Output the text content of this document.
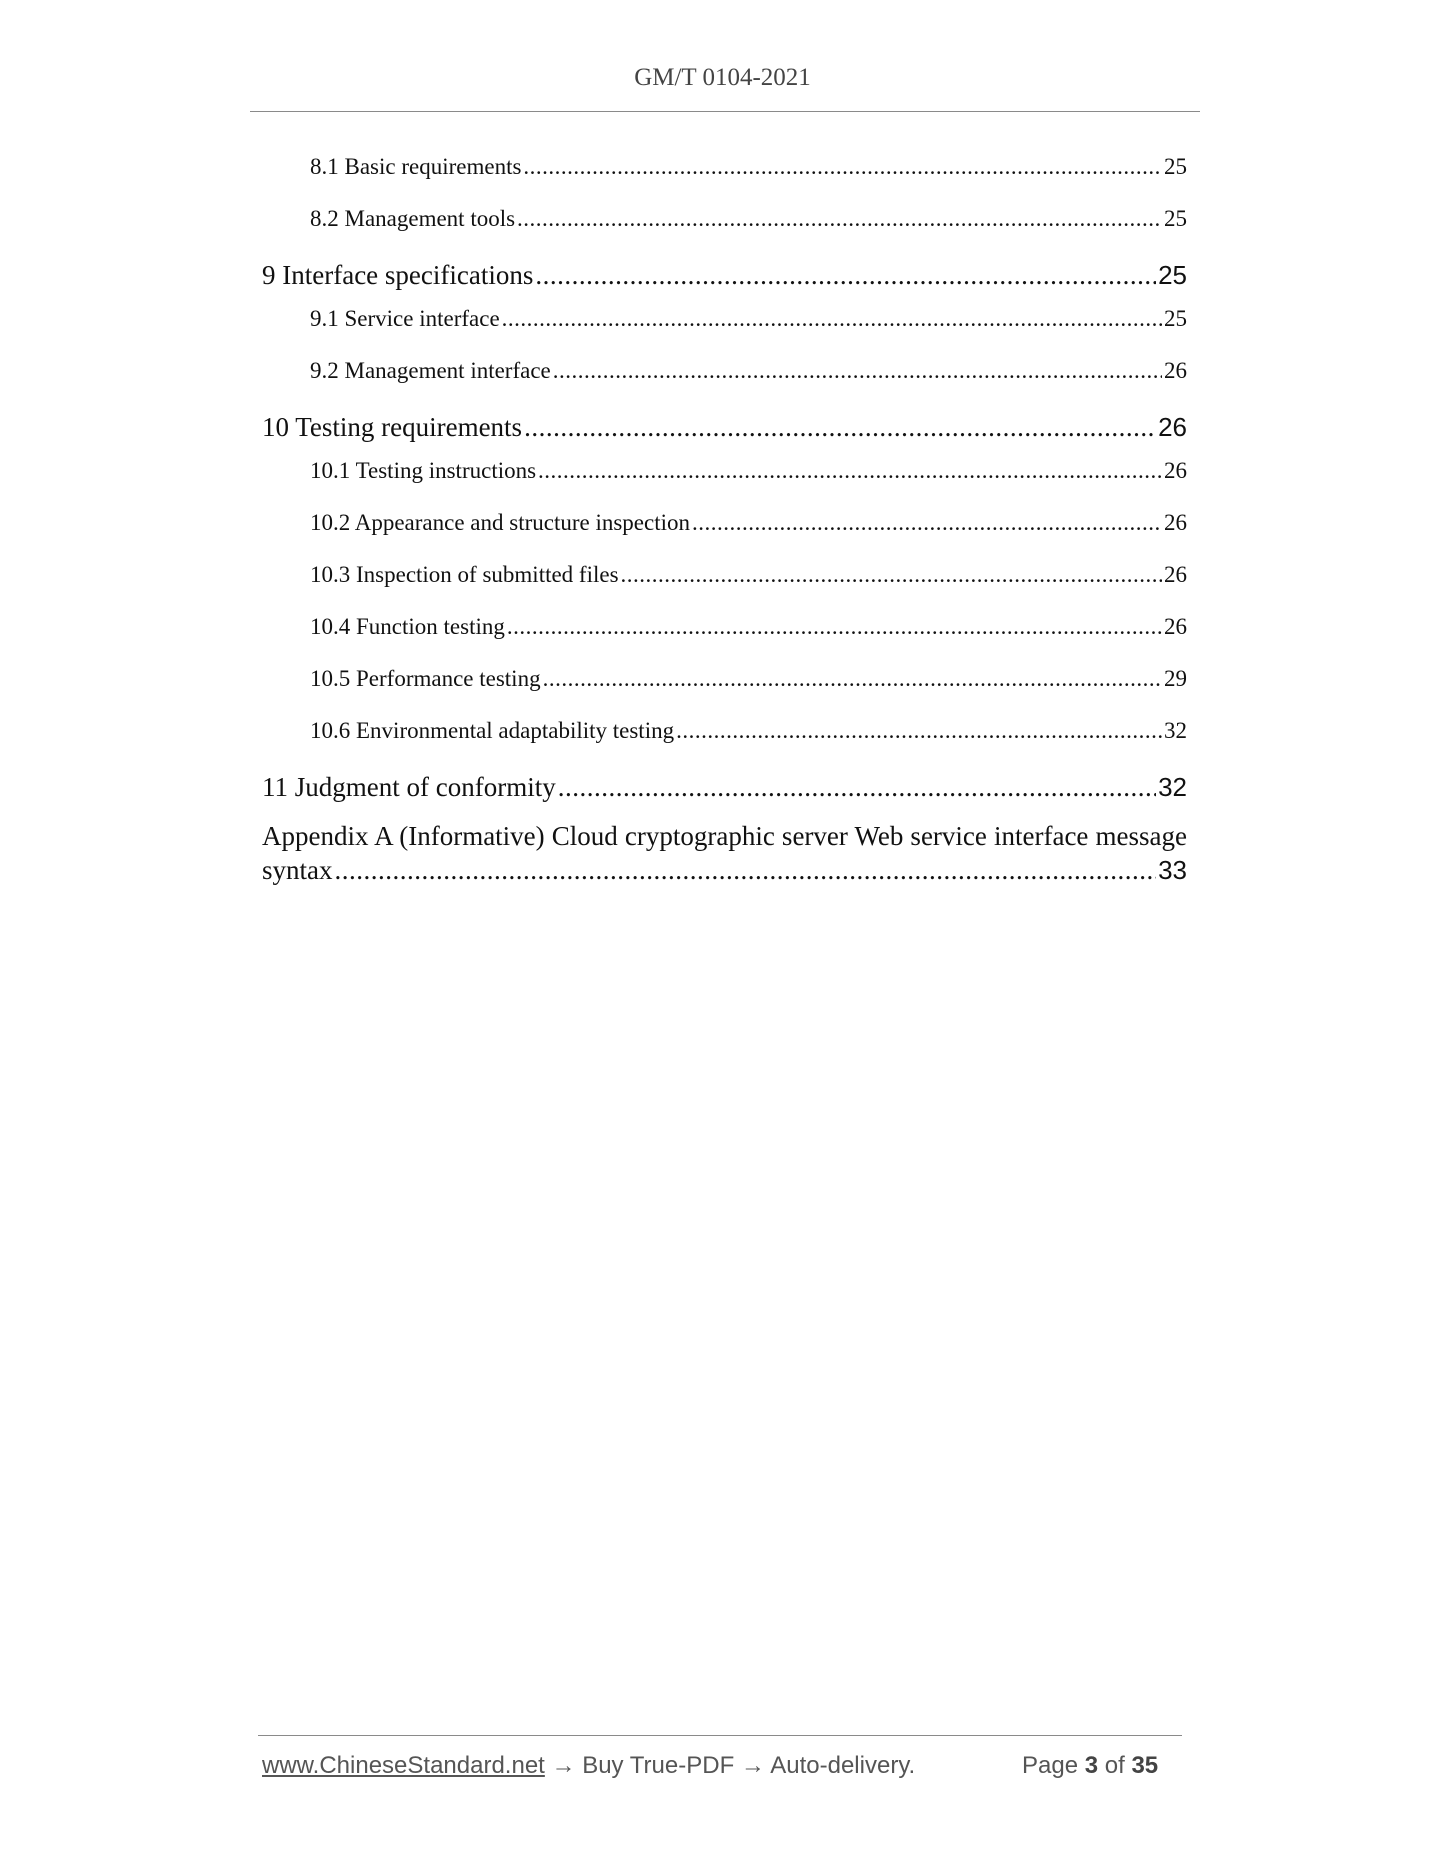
GM/T 0104-2021
8.1 Basic requirements .....	25
8.2 Management tools .....	25
9 Interface specifications .....	25
9.1 Service interface .....	25
9.2 Management interface .....	26
10 Testing requirements .....	26
10.1 Testing instructions .....	26
10.2 Appearance and structure inspection .....	26
10.3 Inspection of submitted files .....	26
10.4 Function testing .....	26
10.5 Performance testing .....	29
10.6 Environmental adaptability testing .....	32
11 Judgment of conformity .....	32
Appendix A (Informative) Cloud cryptographic server Web service interface message
syntax .....	33
www.ChineseStandard.net → Buy True-PDF → Auto-delivery.	Page 3 of 35
